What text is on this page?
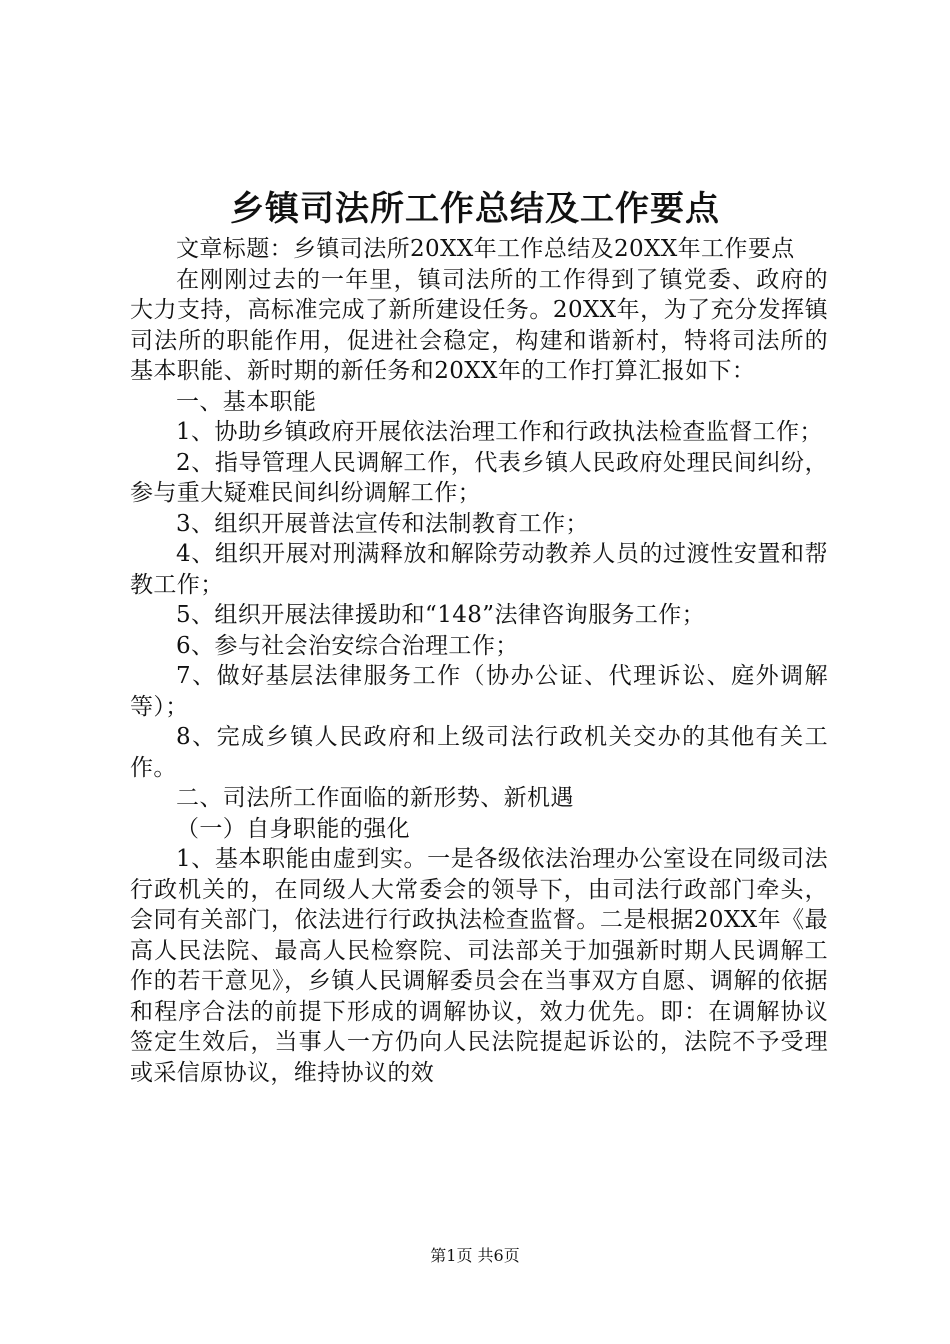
乡镇司法所工作总结及工作要点

文章标题：乡镇司法所20XX年工作总结及20XX年工作要点

在刚刚过去的一年里，镇司法所的工作得到了镇党委、政府的大力支持，高标准完成了新所建设任务。20XX年，为了充分发挥镇司法所的职能作用，促进社会稳定，构建和谐新村，特将司法所的基本职能、新时期的新任务和20XX年的工作打算汇报如下：

一、基本职能

1、协助乡镇政府开展依法治理工作和行政执法检查监督工作；

2、指导管理人民调解工作，代表乡镇人民政府处理民间纠纷，参与重大疑难民间纠纷调解工作；

3、组织开展普法宣传和法制教育工作；

4、组织开展对刑满释放和解除劳动教养人员的过渡性安置和帮教工作；

5、组织开展法律援助和“148”法律咨询服务工作；

6、参与社会治安综合治理工作；

7、做好基层法律服务工作（协办公证、代理诉讼、庭外调解等）；

8、完成乡镇人民政府和上级司法行政机关交办的其他有关工作。

二、司法所工作面临的新形势、新机遇

（一）自身职能的强化

1、基本职能由虚到实。一是各级依法治理办公室设在同级司法行政机关的，在同级人大常委会的领导下，由司法行政部门牵头，会同有关部门，依法进行行政执法检查监督。二是根据20XX年《最高人民法院、最高人民检察院、司法部关于加强新时期人民调解工作的若干意见》，乡镇人民调解委员会在当事双方自愿、调解的依据和程序合法的前提下形成的调解协议，效力优先。即：在调解协议签定生效后，当事人一方仍向人民法院提起诉讼的，法院不予受理或采信原协议，维持协议的效

第1页 共6页
